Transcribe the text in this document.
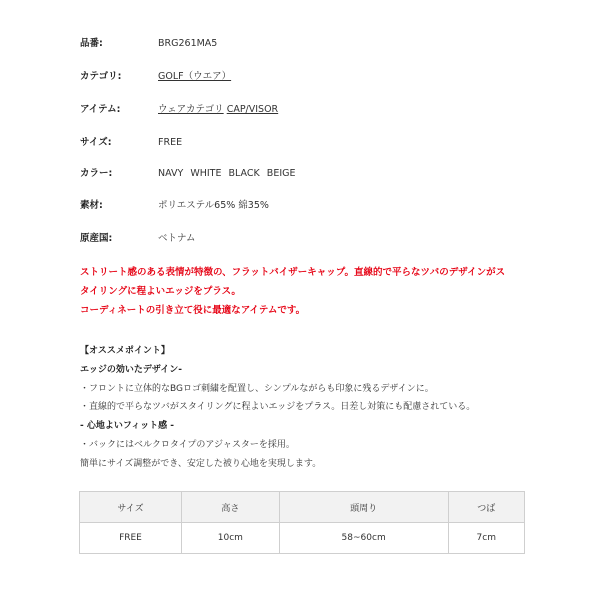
品番:	BRG261MA5
カテゴリ:	GOLF（ウエア）
アイテム:	ウェアカテゴリ CAP/VISOR
サイズ:	FREE
カラー:	NAVY WHITE BLACK BEIGE
素材:	ポリエステル65% 綿35%
原産国:	ベトナム
ストリート感のある表情が特徴の、フラットバイザーキャップ。直線的で平らなツバのデザインがス
タイリングに程よいエッジをプラス。
コーディネートの引き立て役に最適なアイテムです。
【オススメポイント】
エッジの効いたデザイン-
・フロントに立体的なBGロゴ刺繍を配置し、シンプルながらも印象に残るデザインに。
・直線的で平らなツバがスタイリングに程よいエッジをプラス。日差し対策にも配慮されている。
- 心地よいフィット感 -
・バックにはベルクロタイプのアジャスターを採用。
簡単にサイズ調整ができ、安定した被り心地を実現します。
サイズ	高さ	頭周り	つば
FREE	10cm	58~60cm	7cm
